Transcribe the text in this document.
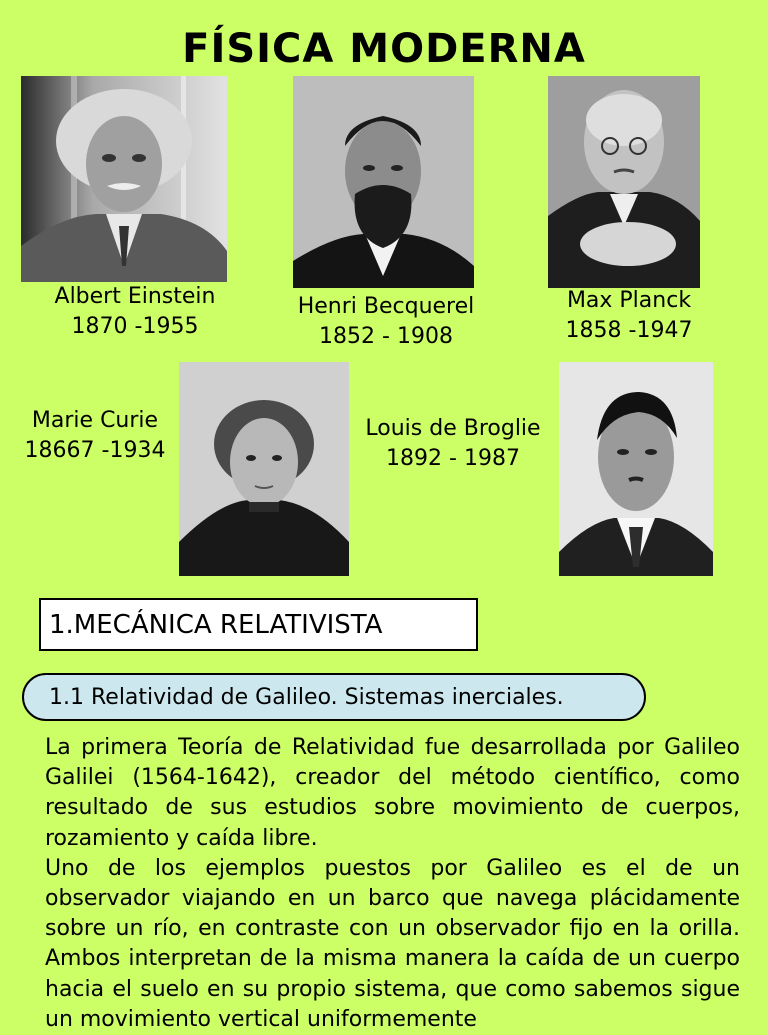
FÍSICA MODERNA
Albert Einstein
1870 -1955
Henri Becquerel
1852 - 1908
Max Planck
1858 -1947
Marie Curie
18667 -1934
Louis de Broglie
1892 - 1987
1.MECÁNICA RELATIVISTA
1.1 Relatividad de Galileo. Sistemas inerciales.

La primera Teoría de Relatividad fue desarrollada por Galileo Galilei (1564-1642), creador del método científico, como resultado de sus estudios sobre movimiento de cuerpos, rozamiento y caída libre.

Uno de los ejemplos puestos por Galileo es el de un observador viajando en un barco que navega plácidamente sobre un río, en contraste con un observador fijo en la orilla. Ambos interpretan de la misma manera la caída de un cuerpo hacia el suelo en su propio sistema, que como sabemos sigue un movimiento vertical uniformemente
